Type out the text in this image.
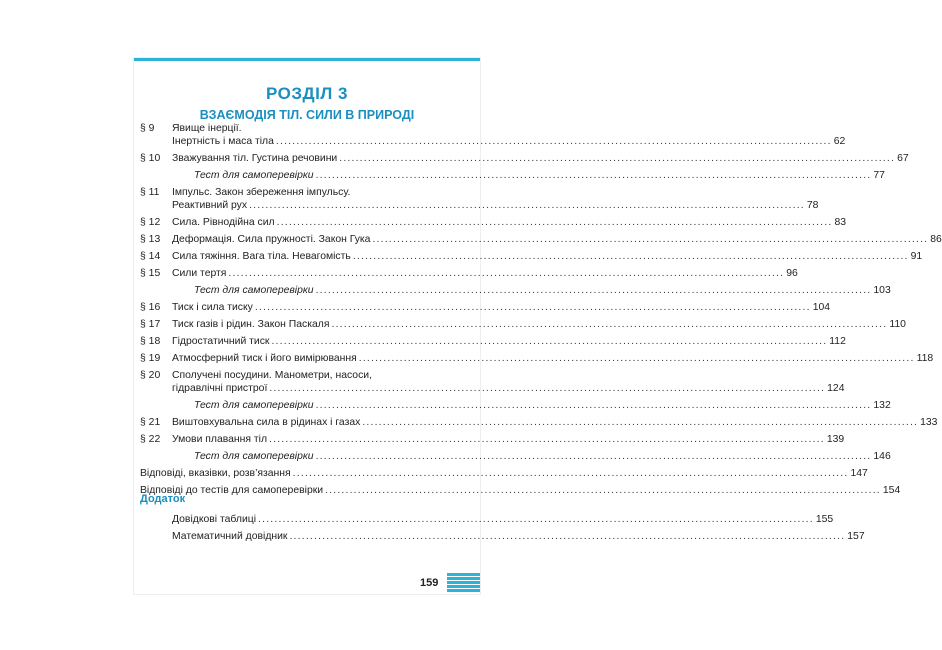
РОЗДІЛ 3
ВЗАЄМОДІЯ ТІЛ. СИЛИ В ПРИРОДІ
§ 9	Явище інерції.
Інертність і маса тіла .....	62
§ 10	Зважування тіл. Густина речовини .....	67
Тест для самоперевірки .....	77
§ 11	Імпульс. Закон збереження імпульсу.
Реактивний рух .....	78
§ 12	Сила. Рівнодійна сил .....	83
§ 13	Деформація. Сила пружності. Закон Гука .....	86
§ 14	Сила тяжіння. Вага тіла. Невагомість .....	91
§ 15	Сили тертя .....	96
Тест для самоперевірки .....	103
§ 16	Тиск і сила тиску .....	104
§ 17	Тиск газів і рідин. Закон Паскаля .....	110
§ 18	Гідростатичний тиск .....	112
§ 19	Атмосферний тиск і його вимірювання .....	118
§ 20	Сполучені посудини. Манометри, насоси,
гідравлічні пристрої .....	124
Тест для самоперевірки .....	132
§ 21	Виштовхувальна сила в рідинах і газах .....	133
§ 22	Умови плавання тіл .....	139
Тест для самоперевірки .....	146
Відповіді, вказівки, розв’язання .....	147
Відповіді до тестів для самоперевірки .....	154
Додаток
Довідкові таблиці .....	155
Математичний довідник .....	157
159
